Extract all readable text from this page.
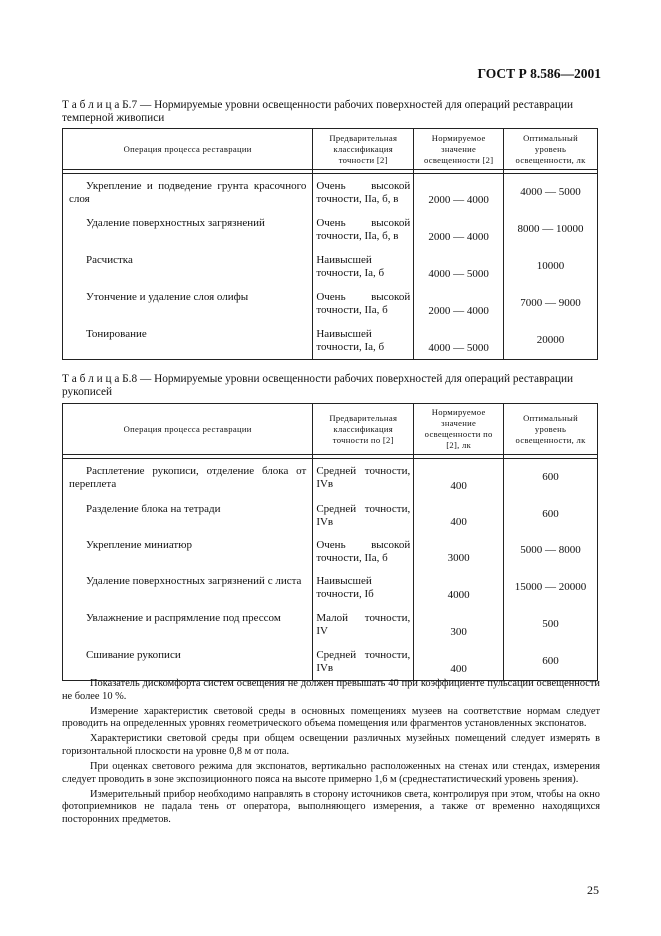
ГОСТ Р 8.586—2001
Т а б л и ц а Б.7 — Нормируемые уровни освещенности рабочих поверхностей для операций реставрации темперной живописи
Операция процесса реставрации	Предварительная классификация точности [2]	Нормируемое значение освещенности [2]	Оптимальный уровень освещенности, лк

Укрепление и подведение грунта красочного слоя	Очень высокой точности, IIа, б, в	2000 — 4000	4000 — 5000

Удаление поверхностных загрязнений	Очень высокой точности, IIа, б, в	2000 — 4000	8000 — 10000

Расчистка	Наивысшей точности, Iа, б	4000 — 5000	10000

Утончение и удаление слоя олифы	Очень высокой точности, IIа, б	2000 — 4000	7000 — 9000

Тонирование	Наивысшей точности, Iа, б	4000 — 5000	20000
Т а б л и ц а Б.8 — Нормируемые уровни освещенности рабочих поверхностей для операций реставрации рукописей
Операция процесса реставрации	Предварительная классификация точности по [2]	Нормируемое значение освещенности по [2], лк	Оптимальный уровень освещенности, лк

Расплетение рукописи, отделение блока от переплета	Средней точности, IVв	400	600

Разделение блока на тетради	Средней точности, IVв	400	600

Укрепление миниатюр	Очень высокой точности, IIа, б	3000	5000 — 8000

Удаление поверхностных загрязнений с листа	Наивысшей точности, Iб	4000	15000 — 20000

Увлажнение и распрямление под прессом	Малой точности, IV	300	500

Сшивание рукописи	Средней точности, IVв	400	600

Показатель дискомфорта систем освещения не должен превышать 40 при коэффициенте пульсации освещенности не более 10 %.

Измерение характеристик световой среды в основных помещениях музеев на соответствие нормам следует проводить на определенных уровнях геометрического объема помещения или фрагментов установленных экспонатов.

Характеристики световой среды при общем освещении различных музейных помещений следует измерять в горизонтальной плоскости на уровне 0,8 м от пола.

При оценках светового режима для экспонатов, вертикально расположенных на стенах или стендах, измерения следует проводить в зоне экспозиционного пояса на высоте примерно 1,6 м (среднестатистический уровень зрения).

Измерительный прибор необходимо направлять в сторону источников света, контролируя при этом, чтобы на окно фотоприемников не падала тень от оператора, выполняющего измерения, а также от временно находящихся посторонних предметов.

25
